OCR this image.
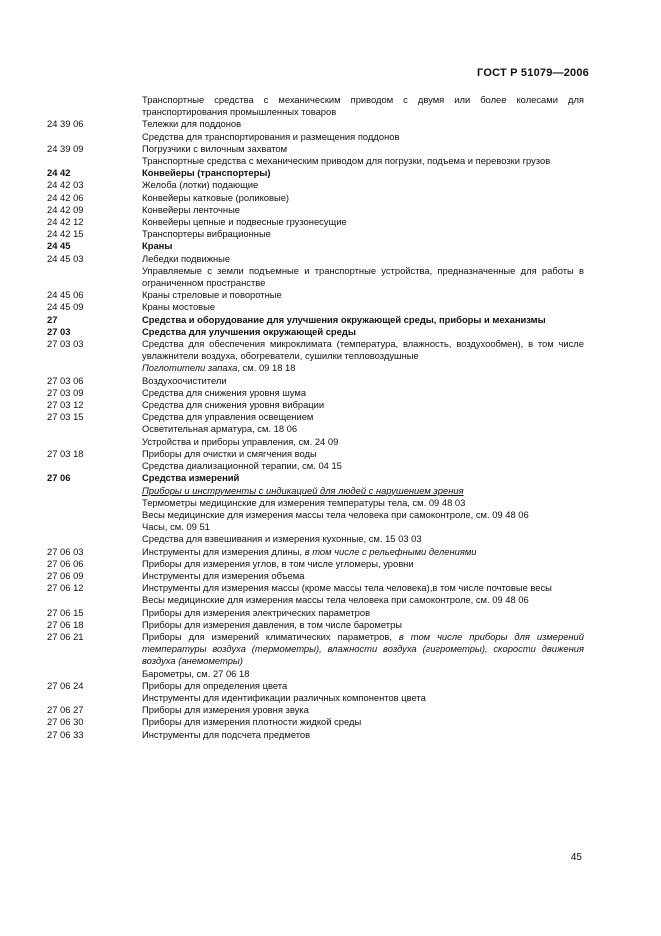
ГОСТ Р 51079—2006
Транспортные средства с механическим приводом с двумя или более колесами для транспортирования промышленных товаров
24 39 06	Тележки для поддонов
Средства для транспортирования и размещения поддонов
24 39 09	Погрузчики с вилочным захватом
Транспортные средства с механическим приводом для погрузки, подъема и перевозки грузов
24 42	Конвейеры (транспортеры)
24 42 03	Желоба (лотки) подающие
24 42 06	Конвейеры катковые (роликовые)
24 42 09	Конвейеры ленточные
24 42 12	Конвейеры цепные и подвесные грузонесущие
24 42 15	Транспортеры вибрационные
24 45	Краны
24 45 03	Лебедки подвижные
Управляемые с земли подъемные и транспортные устройства, предназначенные для работы в ограниченном пространстве
24 45 06	Краны стреловые и поворотные
24 45 09	Краны мостовые
27	Средства и оборудование для улучшения окружающей среды, приборы и механизмы
27 03	Средства для улучшения окружающей среды
27 03 03	Средства для обеспечения микроклимата (температура, влажность, воздухообмен), в том числе увлажнители воздуха, обогреватели, сушилки тепловоздушные
Поглотители запаха, см. 09 18 18
27 03 06	Воздухоочистители
27 03 09	Средства для снижения уровня шума
27 03 12	Средства для снижения уровня вибрации
27 03 15	Средства для управления освещением
Осветительная арматура, см. 18 06
Устройства и приборы управления, см. 24 09
27 03 18	Приборы для очистки и смягчения воды
Средства диализационной терапии, см. 04 15
27 06	Средства измерений
Приборы и инструменты с индикацией для людей с нарушением зрения
Термометры медицинские для измерения температуры тела, см. 09 48 03
Весы медицинские для измерения массы тела человека при самоконтроле, см. 09 48 06
Часы, см. 09 51
Средства для взвешивания и измерения кухонные, см. 15 03 03
27 06 03	Инструменты для измерения длины, в том числе с рельефными делениями
27 06 06	Приборы для измерения углов, в том числе угломеры, уровни
27 06 09	Инструменты для измерения объема
27 06 12	Инструменты для измерения массы (кроме массы тела человека),в том числе почтовые весы
Весы медицинские для измерения массы тела человека при самоконтроле, см. 09 48 06
27 06 15	Приборы для измерения электрических параметров
27 06 18	Приборы для измерения давления, в том числе барометры
27 06 21	Приборы для измерений климатических параметров, в том числе приборы для измерений температуры воздуха (термометры), влажности воздуха (гигрометры), скорости движения воздуха (анемометры)
Барометры, см. 27 06 18
27 06 24	Приборы для определения цвета
Инструменты для идентификации различных компонентов цвета
27 06 27	Приборы для измерения уровня звука
27 06 30	Приборы для измерения плотности жидкой среды
27 06 33	Инструменты для подсчета предметов
45
